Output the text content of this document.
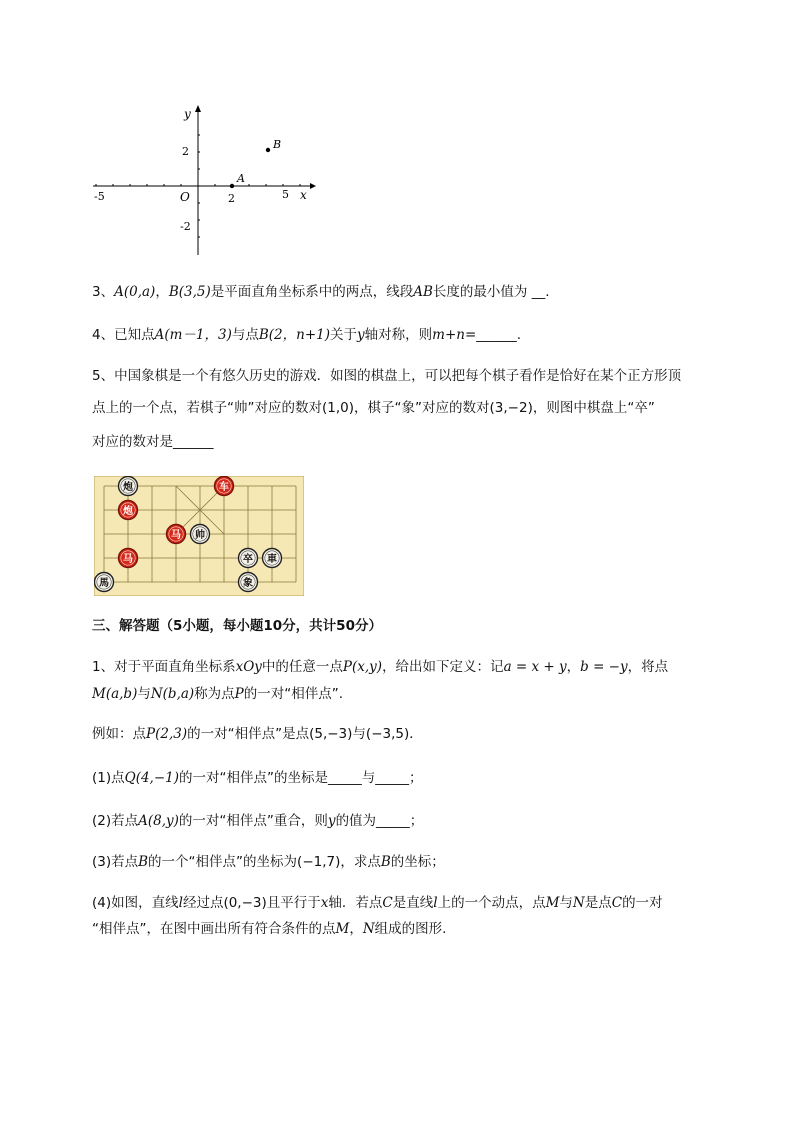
y
x
O
-5	2	5
2
-2
A
B
3、A(0,a)，B(3,5)是平面直角坐标系中的两点，线段AB长度的最小值为 __.
4、已知点A(m－1，3)与点B(2，n+1)关于y轴对称，则m+n=______.
5、中国象棋是一个有悠久历史的游戏．如图的棋盘上，可以把每个棋子看作是恰好在某个正方形顶
点上的一个点，若棋子“帅”对应的数对(1,0)，棋子“象”对应的数对(3,−2)，则图中棋盘上“卒”
对应的数对是______
炮	车
炮
马 帅
马	卒 車
馬	象
三、解答题（5小题，每小题10分，共计50分）
1、对于平面直角坐标系xOy中的任意一点P(x,y)，给出如下定义：记a = x + y，b = −y，将点
M(a,b)与N(b,a)称为点P的一对“相伴点”.
例如：点P(2,3)的一对“相伴点”是点(5,−3)与(−3,5)．
(1)点Q(4,−1)的一对“相伴点”的坐标是_____与_____；
(2)若点A(8,y)的一对“相伴点”重合，则y的值为_____；
(3)若点B的一个“相伴点”的坐标为(−1,7)，求点B的坐标；
(4)如图，直线l经过点(0,−3)且平行于x轴．若点C是直线l上的一个动点，点M与N是点C的一对
“相伴点”，在图中画出所有符合条件的点M，N组成的图形.
